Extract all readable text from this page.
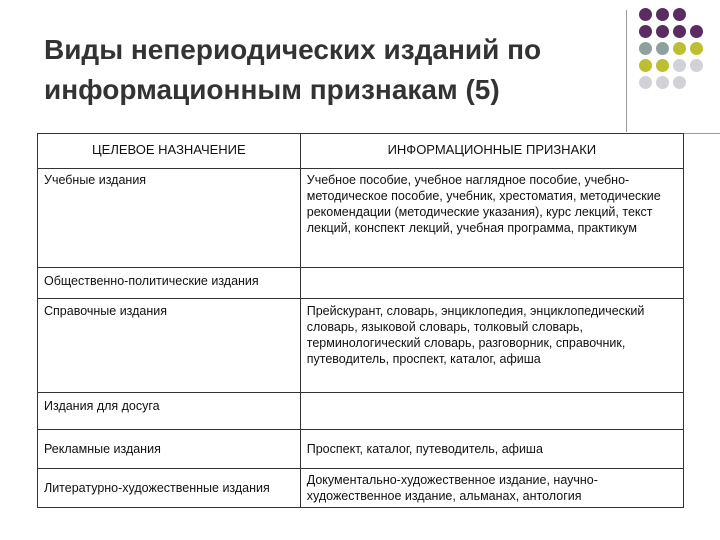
Виды непериодических изданий по информационным признакам (5)
ЦЕЛЕВОЕ НАЗНАЧЕНИЕ	ИНФОРМАЦИОННЫЕ ПРИЗНАКИ
Учебные издания	Учебное пособие, учебное наглядное пособие, учебно-методическое пособие, учебник, хрестоматия, методические рекомендации (методические указания), курс лекций, текст лекций, конспект лекций, учебная программа, практикум
Общественно-политические издания	
Справочные издания	Прейскурант, словарь, энциклопедия, энциклопедический словарь, языковой словарь, толковый словарь, терминологический словарь, разговорник, справочник, путеводитель, проспект, каталог, афиша
Издания для досуга	
Рекламные издания	Проспект, каталог, путеводитель, афиша
Литературно-художественные издания	Документально-художественное издание, научно-художественное издание, альманах, антология
